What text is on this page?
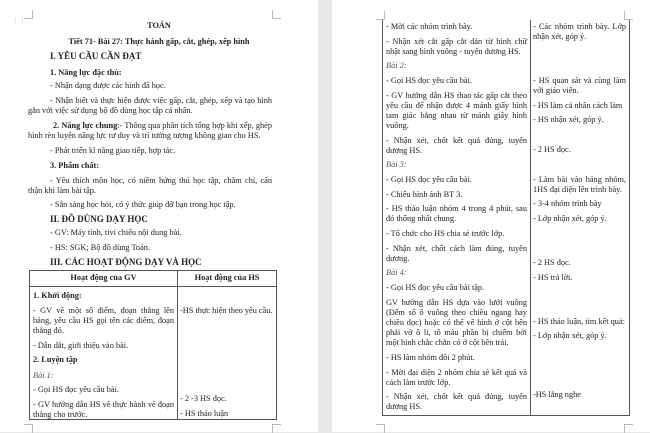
⋮⋮	TOÁN
Tiết 71- Bài 27: Thực hành gấp, cắt, ghép, xếp hình
I. YÊU CẦU CẦN ĐẠT
1. Năng lực đặc thù:
- Nhận dạng được các hình đã học.
- Nhận biết và thực hiện được việc gấp, cắt, ghép, xếp và tạo hình gắn với việc sử dụng bộ đồ dùng học tập cá nhân.
2. Năng lực chung:- Thông qua phân tích tổng hợp khi xếp, ghép hình rèn luyện năng lực tư duy và trí tưởng tượng không gian cho HS.
- Phát triển kĩ năng giao tiếp, hợp tác.
3. Phẩm chất:
- Yêu thích môn học, có niềm hứng thú học tập, chăm chỉ, cẩn thận khi làm bài tập.
- Sẵn sàng học hỏi, có ý thức giúp đỡ bạn trong học tập.
II. ĐỒ DÙNG DẠY HỌC
- GV: Máy tính, tivi chiếu nội dung bài.
- HS: SGK; Bộ đồ dùng Toán.
III. CÁC HOẠT ĐỘNG DẠY VÀ HỌC
Hoạt động của GV	Hoạt động của HS
1. Khởi động:
- GV vẽ một số điểm, đoạn thẳng lên bảng, yêu cầu HS gọi tên các điểm, đoạn thẳng đó.
- Dẫn dắt, giới thiệu vào bài.
2. Luyện tập
Bài 1:
- Gọi HS đọc yêu cầu bài.
- GV hướng dẫn HS vẽ thực hành vẽ đoạn thẳng cho trước.
-HS thực hiện theo yêu cầu.
- 2 -3 HS đọc.
- HS thảo luận
- Mời các nhóm trình bày.
- Nhận xét cắt gấp cắt dán từ hình chữ nhật sang hình vuông - tuyên dương HS.
Bài 2:
- Gọi HS đọc yêu cầu bài.
- GV hướng dẫn HS thao tác gấp cắt theo yêu cầu để nhận được 4 mảnh giấy hình tam giác bằng nhau từ mảnh giấy hình vuông.
- Nhận xét, chốt kết quả đúng, tuyên dương HS.
Bài 3:
- Gọi HS đọc yêu cầu bài.
- Chiếu hình ảnh BT 3.
- HS thảo luận nhóm 4 trong 4 phút, sau đó thống nhất chung.
- Tổ chức cho HS chia sẻ trước lớp.
- Nhận xét, chốt cách làm đúng, tuyên dương.
Bài 4:
- Gọi HS đọc yêu cầu bài tập.
GV hướng dẫn HS dựa vào lưới vuông (Đếm số ô vuông theo chiều ngang hay chiều dọc) hoặc có thể vẽ hình ở cột bên phải vở ô li, tô màu phần bị chiếm bởi một hình chắc chắn có ở cột bên trái.
- HS làm nhóm đôi 2 phút.
- Mời đại diện 2 nhóm chia sẻ kết quả và cách làm trước lớp.
- Nhận xét, chốt kết quả đúng, tuyên dương HS.
- Các nhóm trình bày. Lớp nhận xét, góp ý.
- HS quan sát và cùng làm với giáo viên.
- HS làm cá nhân cách làm
- HS nhận xét, góp ý.
- 2 HS đọc.
- Làm bài vào bảng nhóm, 1HS đại diện lên trình bày.
- 3-4 nhóm trình bày
- Lớp nhận xét, góp ý.
- 2 HS đọc.
- HS trả lời.
- HS thảo luận, tìm kết quả:
- Lớp nhận xét, góp ý.
-HS lắng nghe
